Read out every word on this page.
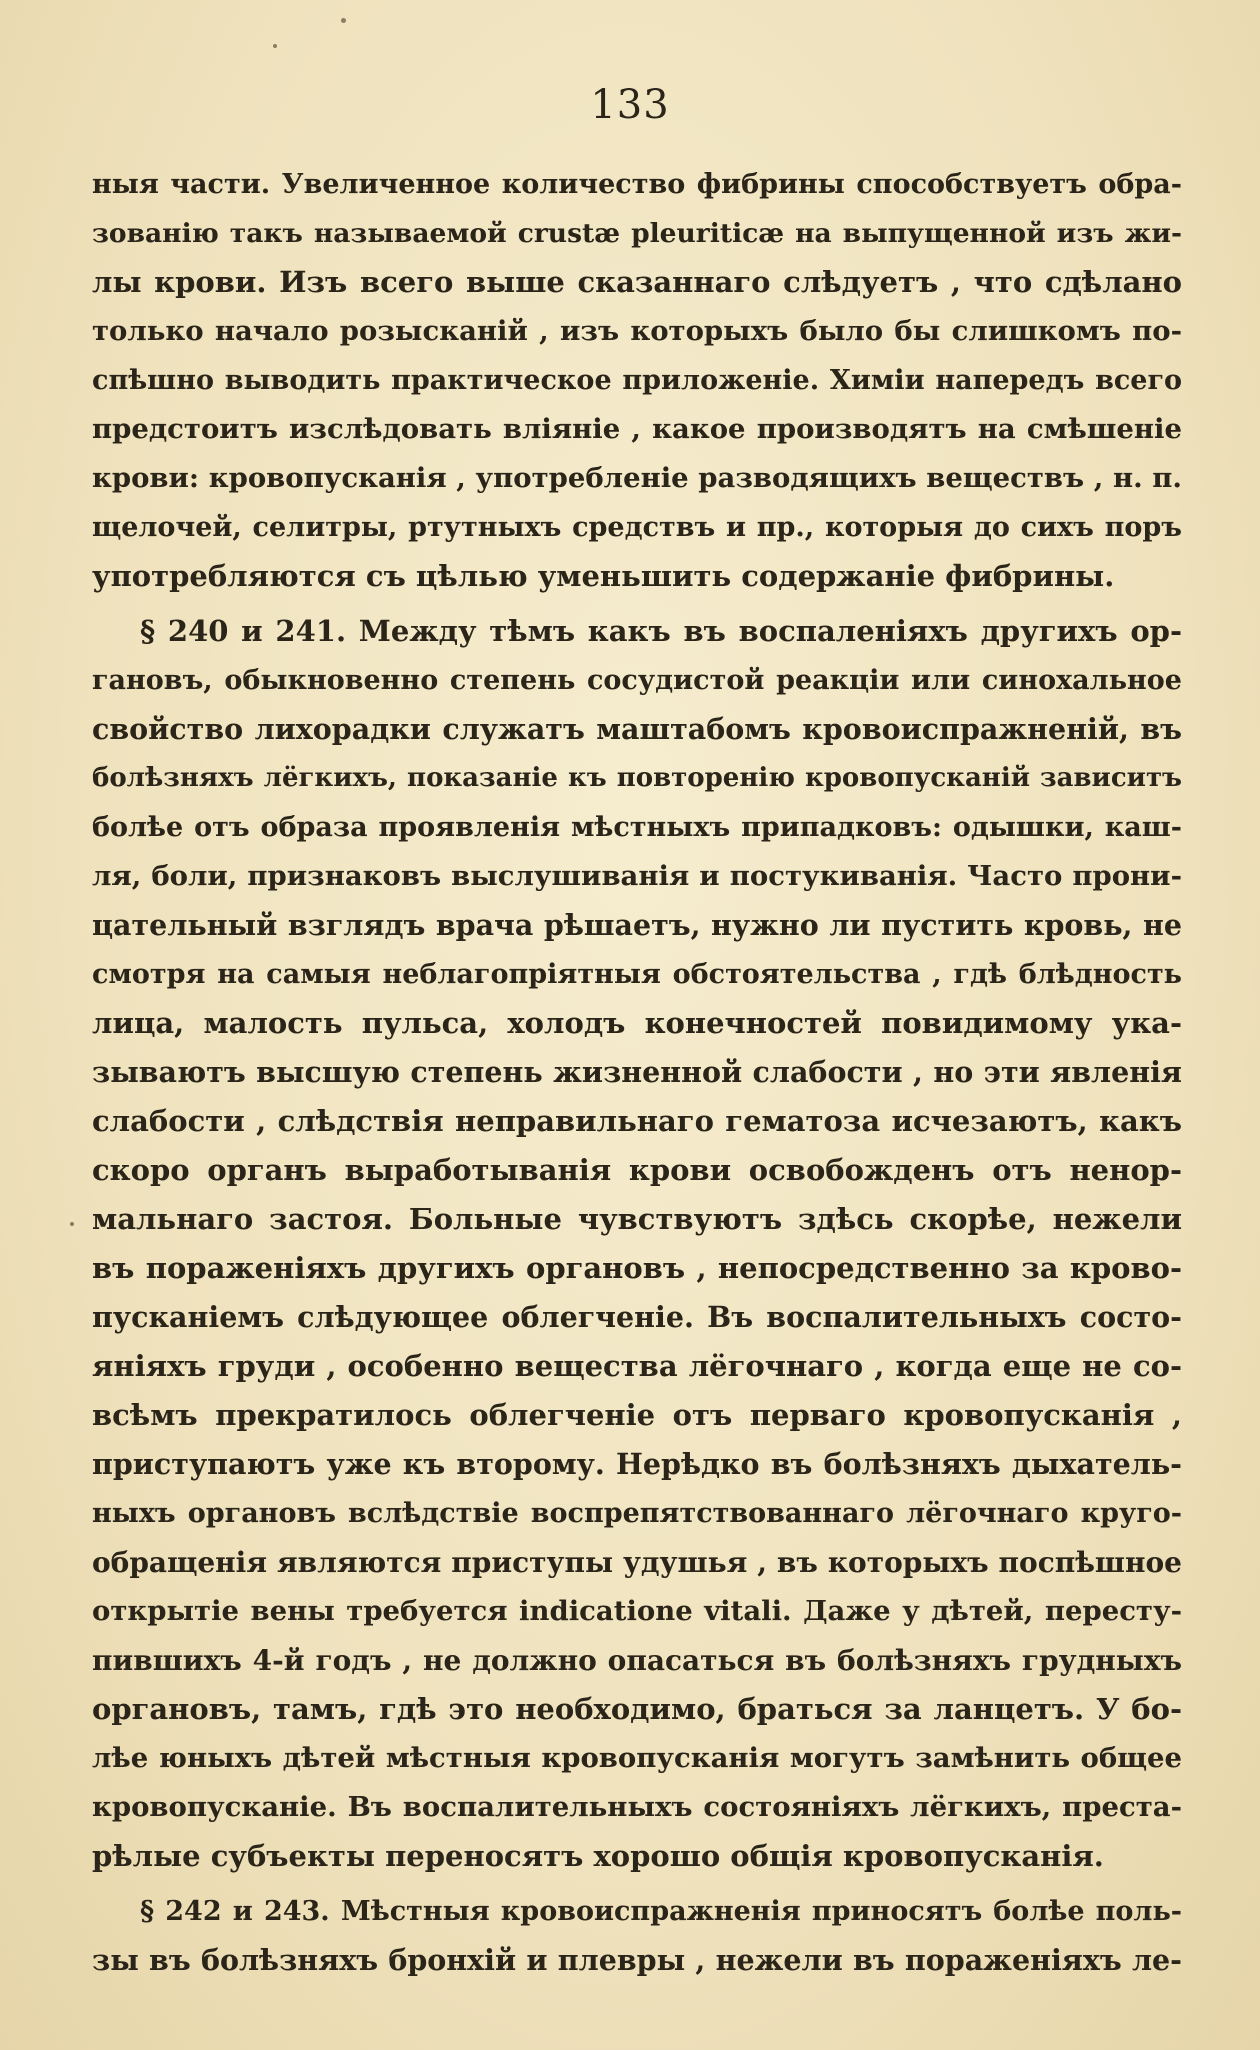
133
ныя части. Увеличенное количество фибрины способствуетъ обра-
зованію такъ называемой crustæ pleuriticæ на выпущенной изъ жи-
лы крови. Изъ всего выше сказаннаго слѣдуетъ , что сдѣлано
только начало розысканій , изъ которыхъ было бы слишкомъ по-
спѣшно выводить практическое приложеніе. Химіи напередъ всего
предстоитъ изслѣдовать вліяніе , какое производятъ на смѣшеніе
крови: кровопусканія , употребленіе разводящихъ веществъ , н. п.
щелочей, селитры, ртутныхъ средствъ и пр., которыя до сихъ поръ
употребляются съ цѣлью уменьшить содержаніе фибрины.
§ 240 и 241. Между тѣмъ какъ въ воспаленіяхъ другихъ ор-
гановъ, обыкновенно степень сосудистой реакціи или синохальное
свойство лихорадки служатъ маштабомъ кровоиспражненій, въ
болѣзняхъ лёгкихъ, показаніе къ повторенію кровопусканій зависитъ
болѣе отъ образа проявленія мѣстныхъ припадковъ: одышки, каш-
ля, боли, признаковъ выслушиванія и постукиванія. Часто прони-
цательный взглядъ врача рѣшаетъ, нужно ли пустить кровь, не
смотря на самыя неблагопріятныя обстоятельства , гдѣ блѣдность
лица, малость пульса, холодъ конечностей повидимому ука-
зываютъ высшую степень жизненной слабости , но эти явленія
слабости , слѣдствія неправильнаго гематоза исчезаютъ, какъ
скоро органъ выработыванія крови освобожденъ отъ ненор-
мальнаго застоя. Больные чувствуютъ здѣсь скорѣе, нежели
въ пораженіяхъ другихъ органовъ , непосредственно за крово-
пусканіемъ слѣдующее облегченіе. Въ воспалительныхъ состо-
яніяхъ груди , особенно вещества лёгочнаго , когда еще не со-
всѣмъ прекратилось облегченіе отъ перваго кровопусканія ,
приступаютъ уже къ второму. Нерѣдко въ болѣзняхъ дыхатель-
ныхъ органовъ вслѣдствіе воспрепятствованнаго лёгочнаго круго-
обращенія являются приступы удушья , въ которыхъ поспѣшное
открытіе вены требуется indicatione vitali. Даже у дѣтей, пересту-
пившихъ 4-й годъ , не должно опасаться въ болѣзняхъ грудныхъ
органовъ, тамъ, гдѣ это необходимо, браться за ланцетъ. У бо-
лѣе юныхъ дѣтей мѣстныя кровопусканія могутъ замѣнить общее
кровопусканіе. Въ воспалительныхъ состояніяхъ лёгкихъ, преста-
рѣлые субъекты переносятъ хорошо общія кровопусканія.
§ 242 и 243. Мѣстныя кровоиспражненія приносятъ болѣе поль-
зы въ болѣзняхъ бронхій и плевры , нежели въ пораженіяхъ ле-
